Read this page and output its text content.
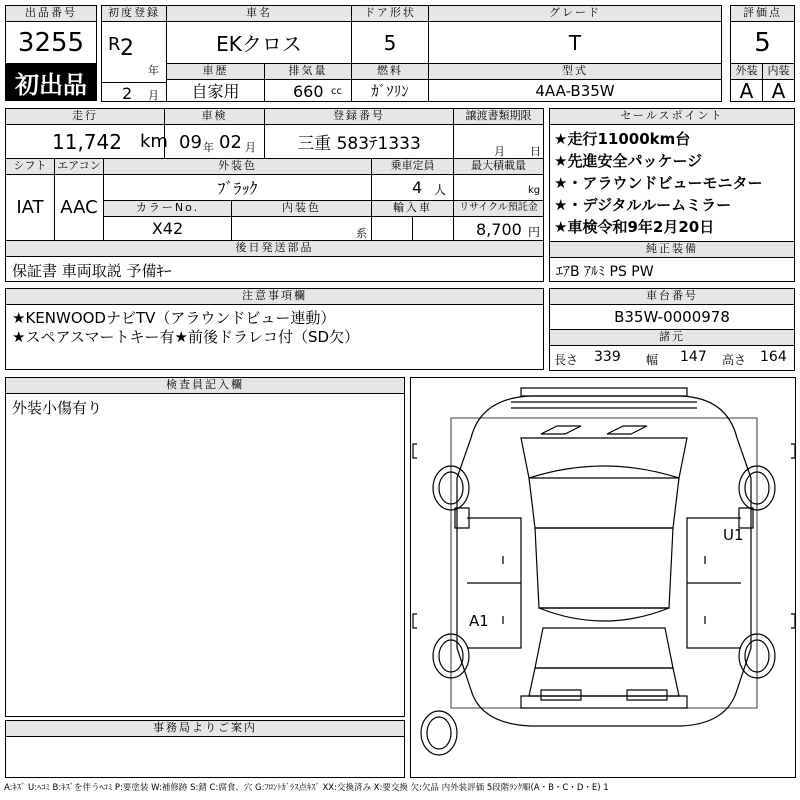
出品番号
3255
初出品
初度登録
R 2
年
2 月
車名
EKクロス
ドア形状
5
グレード
T
評価点
5
車歴
自家用
排気量
660 cc
燃料
ｶﾞｿﾘﾝ
型式
4AA-B35W
外装
A
内装
A
走行
11,742 km
車検
09 年 02 月
登録番号
三重 583ﾃ1333
譲渡書類期限
月 日
シフト
IAT
エアコン
AAC
外装色
ﾌﾞﾗｯｸ
乗車定員
4 人
最大積載量
kg
カラーNo.
X42
内装色
系
輸入車	リサイクル預託金
8,700 円
後日発送部品
保証書 車両取説 予備ｷｰ
セールスポイント
★走行11000km台
★先進安全パッケージ
★・アラウンドビューモニター
★・デジタルルームミラー
★車検令和9年2月20日
純正装備
ｴｱB ｱﾙﾐ PS PW
注意事項欄
★KENWOODナビTV（アラウンドビュー連動）
★スペアスマートキー有★前後ドラレコ付（SD欠）
車台番号
B35W-0000978
諸元
長さ 339 幅 147 高さ 164
検査員記入欄
外装小傷有り
事務局よりご案内
U1
A1
A:ｷｽﾞ U:ﾍｺﾐ B:ｷｽﾞを伴うﾍｺﾐ P:要塗装 W:補修跡 S:錆 C:腐食、穴 G:ﾌﾛﾝﾄｶﾞﾗｽ点ｷｽﾞ XX:交換済み X:要交換 欠:欠品 内外装評価 5段階ﾗﾝｸ順(A・B・C・D・E) 1
